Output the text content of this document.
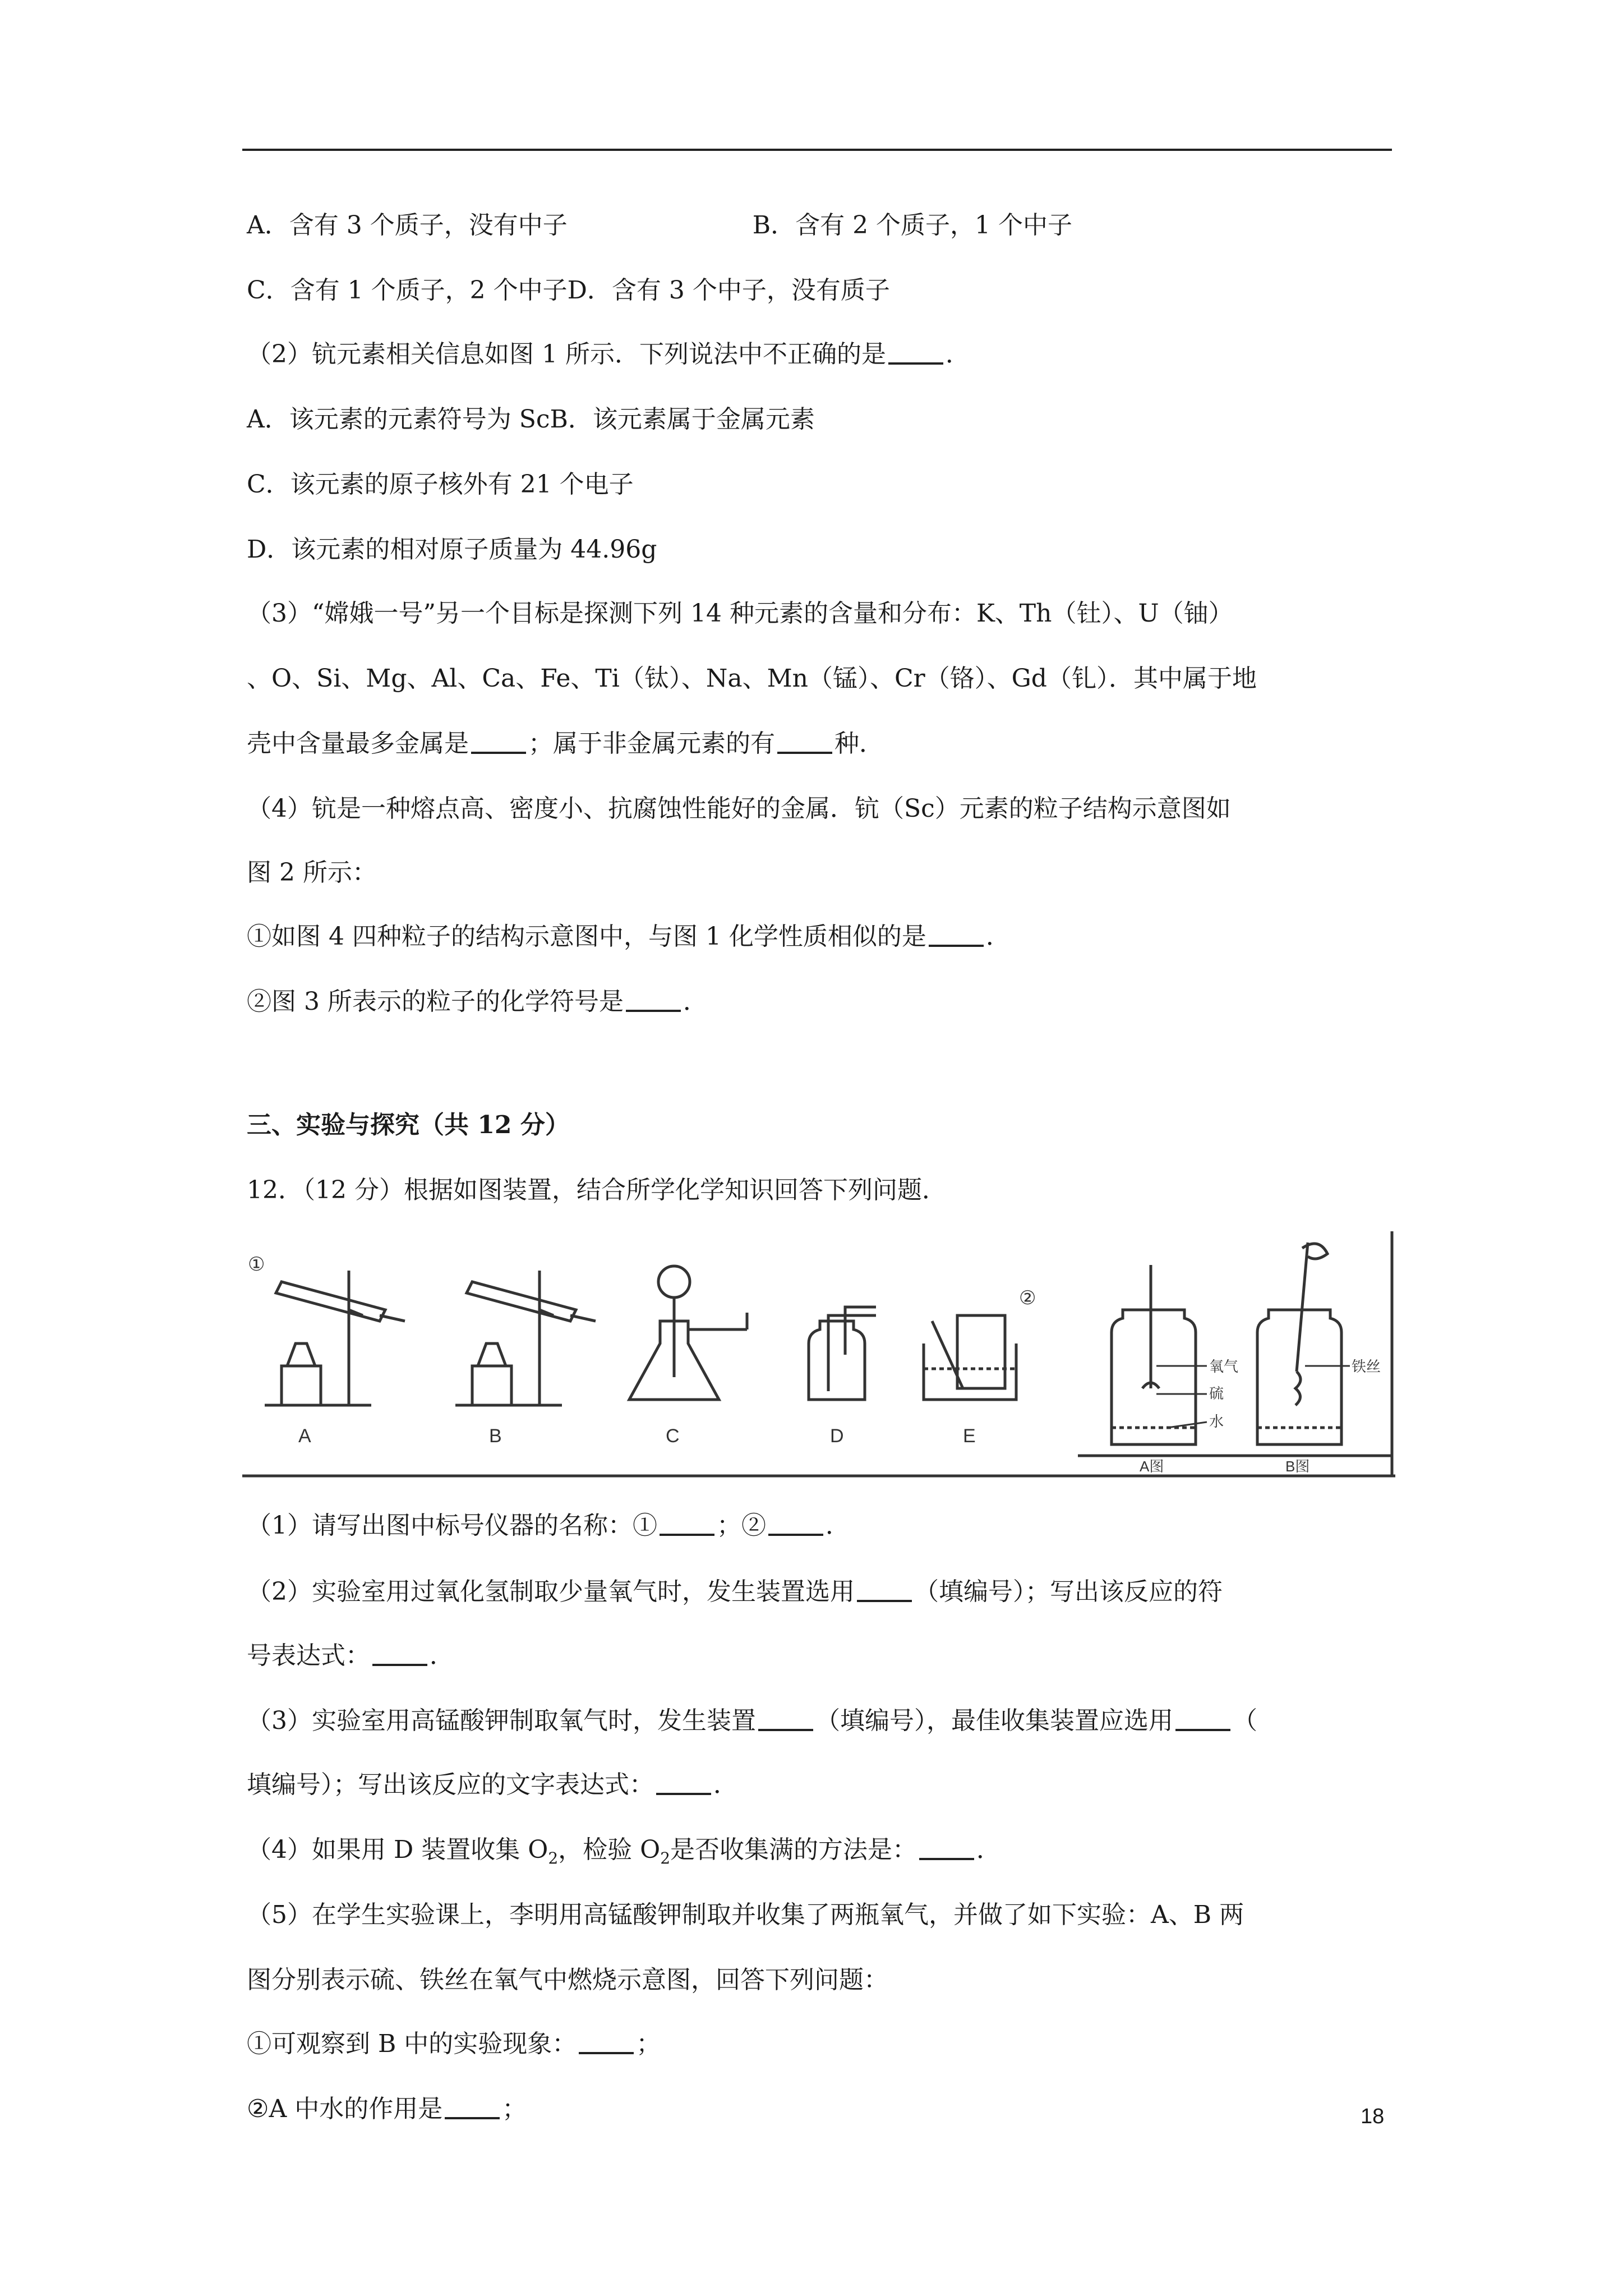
A．含有 3 个质子，没有中子	B．含有 2 个质子，1 个中子
C．含有 1 个质子，2 个中子D．含有 3 个中子，没有质子
（2）钪元素相关信息如图 1 所示．下列说法中不正确的是 ．
A．该元素的元素符号为 ScB．该元素属于金属元素
C．该元素的原子核外有 21 个电子
D．该元素的相对原子质量为 44.96g
（3）“嫦娥一号”另一个目标是探测下列 14 种元素的含量和分布：K、Th（钍）、U（铀）
、O、Si、Mg、Al、Ca、Fe、Ti（钛）、Na、Mn（锰）、Cr（铬）、Gd（钆）．其中属于地
壳中含量最多金属是 ；属于非金属元素的有 种．
（4）钪是一种熔点高、密度小、抗腐蚀性能好的金属．钪（Sc）元素的粒子结构示意图如
图 2 所示：
①如图 4 四种粒子的结构示意图中，与图 1 化学性质相似的是 ．
②图 3 所表示的粒子的化学符号是 ．
三、实验与探究（共 12 分）
12．（12 分）根据如图装置，结合所学化学知识回答下列问题．
①
A	B	C	D
②
E
氧气
硫
水
A图
铁丝
B图
（1）请写出图中标号仪器的名称：① ；② ．
（2）实验室用过氧化氢制取少量氧气时，发生装置选用 （填编号）；写出该反应的符
号表达式： ．
（3）实验室用高锰酸钾制取氧气时，发生装置 （填编号），最佳收集装置应选用 （
填编号）；写出该反应的文字表达式： ．
（4）如果用 D 装置收集 $O_2$，检验 $O_2$是否收集满的方法是： ．
（5）在学生实验课上，李明用高锰酸钾制取并收集了两瓶氧气，并做了如下实验：A、B 两
图分别表示硫、铁丝在氧气中燃烧示意图，回答下列问题：
①可观察到 B 中的实验现象： ；
②A 中水的作用是 ；	18
